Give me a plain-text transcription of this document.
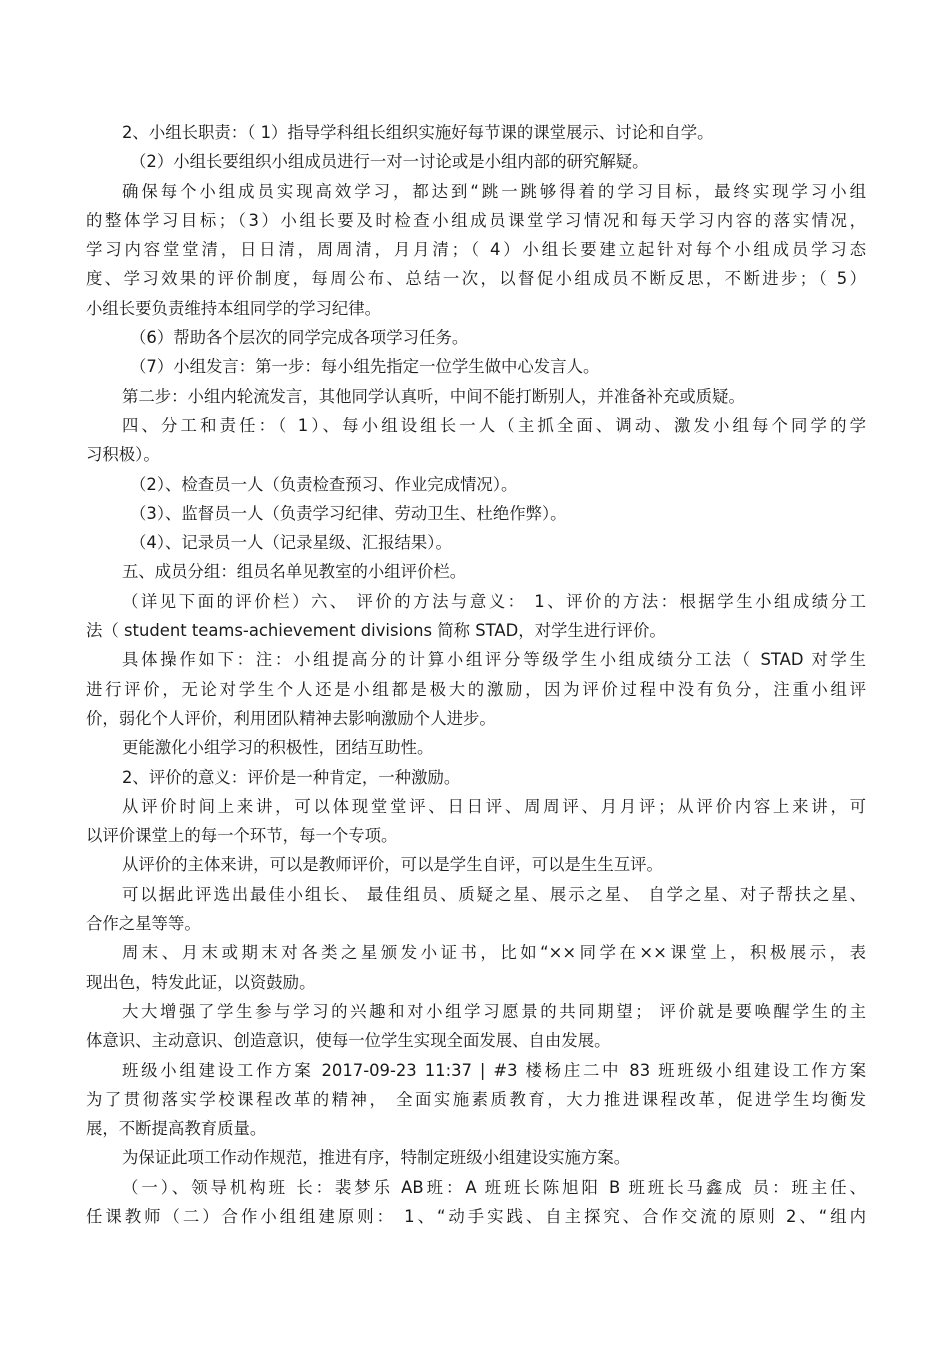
2、小组长职责：（ 1）指导学科组长组织实施好每节课的课堂展示、讨论和自学。
（2）小组长要组织小组成员进行一对一讨论或是小组内部的研究解疑。
确保每个小组成员实现高效学习，都达到“跳一跳够得着的学习目标，最终实现学习小组
的整体学习目标；（3）小组长要及时检查小组成员课堂学习情况和每天学习内容的落实情况，
学习内容堂堂清，日日清，周周清，月月清；（ 4）小组长要建立起针对每个小组成员学习态
度、学习效果的评价制度，每周公布、总结一次，以督促小组成员不断反思，不断进步；（ 5）
小组长要负责维持本组同学的学习纪律。
（6）帮助各个层次的同学完成各项学习任务。
（7）小组发言：第一步：每小组先指定一位学生做中心发言人。
第二步：小组内轮流发言，其他同学认真听，中间不能打断别人，并准备补充或质疑。
四、分工和责任：（ 1）、每小组设组长一人（主抓全面、调动、激发小组每个同学的学
习积极）。
（2）、检查员一人（负责检查预习、作业完成情况）。
（3）、监督员一人（负责学习纪律、劳动卫生、杜绝作弊）。
（4）、记录员一人（记录星级、汇报结果）。
五、成员分组：组员名单见教室的小组评价栏。
（详见下面的评价栏）六、 评价的方法与意义： 1、评价的方法：根据学生小组成绩分工
法（ student teams-achievement divisions 简称 STAD，对学生进行评价。
具体操作如下：注：小组提高分的计算小组评分等级学生小组成绩分工法（ STAD 对学生
进行评价，无论对学生个人还是小组都是极大的激励，因为评价过程中没有负分，注重小组评
价，弱化个人评价，利用团队精神去影响激励个人进步。
更能激化小组学习的积极性，团结互助性。
2、评价的意义：评价是一种肯定，一种激励。
从评价时间上来讲，可以体现堂堂评、日日评、周周评、月月评；从评价内容上来讲，可
以评价课堂上的每一个环节，每一个专项。
从评价的主体来讲，可以是教师评价，可以是学生自评，可以是生生互评。
可以据此评选出最佳小组长、 最佳组员、质疑之星、展示之星、 自学之星、对子帮扶之星、
合作之星等等。
周末、月末或期末对各类之星颁发小证书，比如“××同学在××课堂上，积极展示，表
现出色，特发此证，以资鼓励。
大大增强了学生参与学习的兴趣和对小组学习愿景的共同期望； 评价就是要唤醒学生的主
体意识、主动意识、创造意识，使每一位学生实现全面发展、自由发展。
班级小组建设工作方案 2017-09-23 11:37 | #3 楼杨庄二中 83 班班级小组建设工作方案
为了贯彻落实学校课程改革的精神， 全面实施素质教育，大力推进课程改革，促进学生均衡发
展，不断提高教育质量。
为保证此项工作动作规范，推进有序，特制定班级小组建设实施方案。
（一）、领导机构班 长：裴梦乐 AB班：A 班班长陈旭阳 B 班班长马鑫成 员：班主任、
任课教师（二）合作小组组建原则： 1、“动手实践、自主探究、合作交流的原则 2、“组内
